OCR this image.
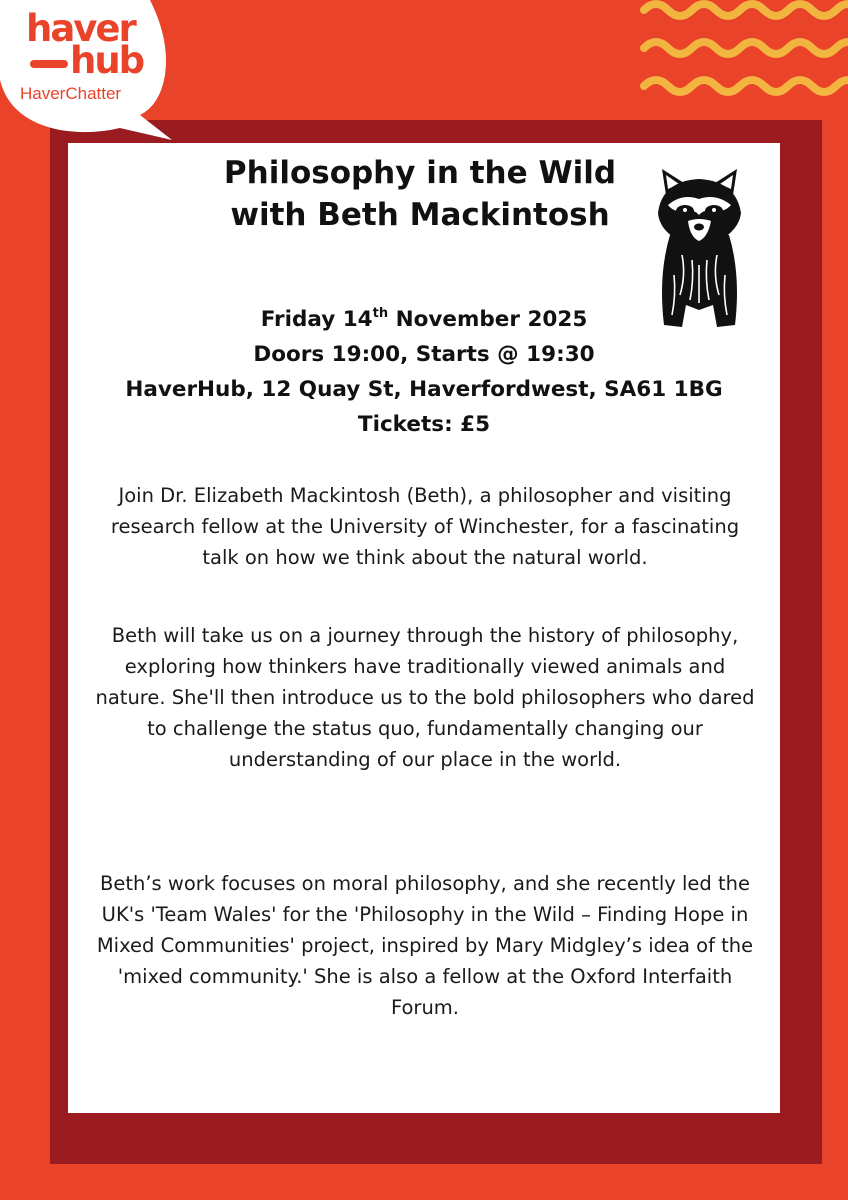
haver
hub
HaverChatter
Philosophy in the Wild
with Beth Mackintosh
Friday 14th November 2025
Doors 19:00, Starts @ 19:30
HaverHub, 12 Quay St, Haverfordwest, SA61 1BG
Tickets: £5

Join Dr. Elizabeth Mackintosh (Beth), a philosopher and visiting research fellow at the University of Winchester, for a fascinating talk on how we think about the natural world.

Beth will take us on a journey through the history of philosophy, exploring how thinkers have traditionally viewed animals and nature. She'll then introduce us to the bold philosophers who dared to challenge the status quo, fundamentally changing our understanding of our place in the world.

Beth’s work focuses on moral philosophy, and she recently led the UK's 'Team Wales' for the 'Philosophy in the Wild – Finding Hope in Mixed Communities' project, inspired by Mary Midgley’s idea of the 'mixed community.' She is also a fellow at the Oxford Interfaith Forum.
